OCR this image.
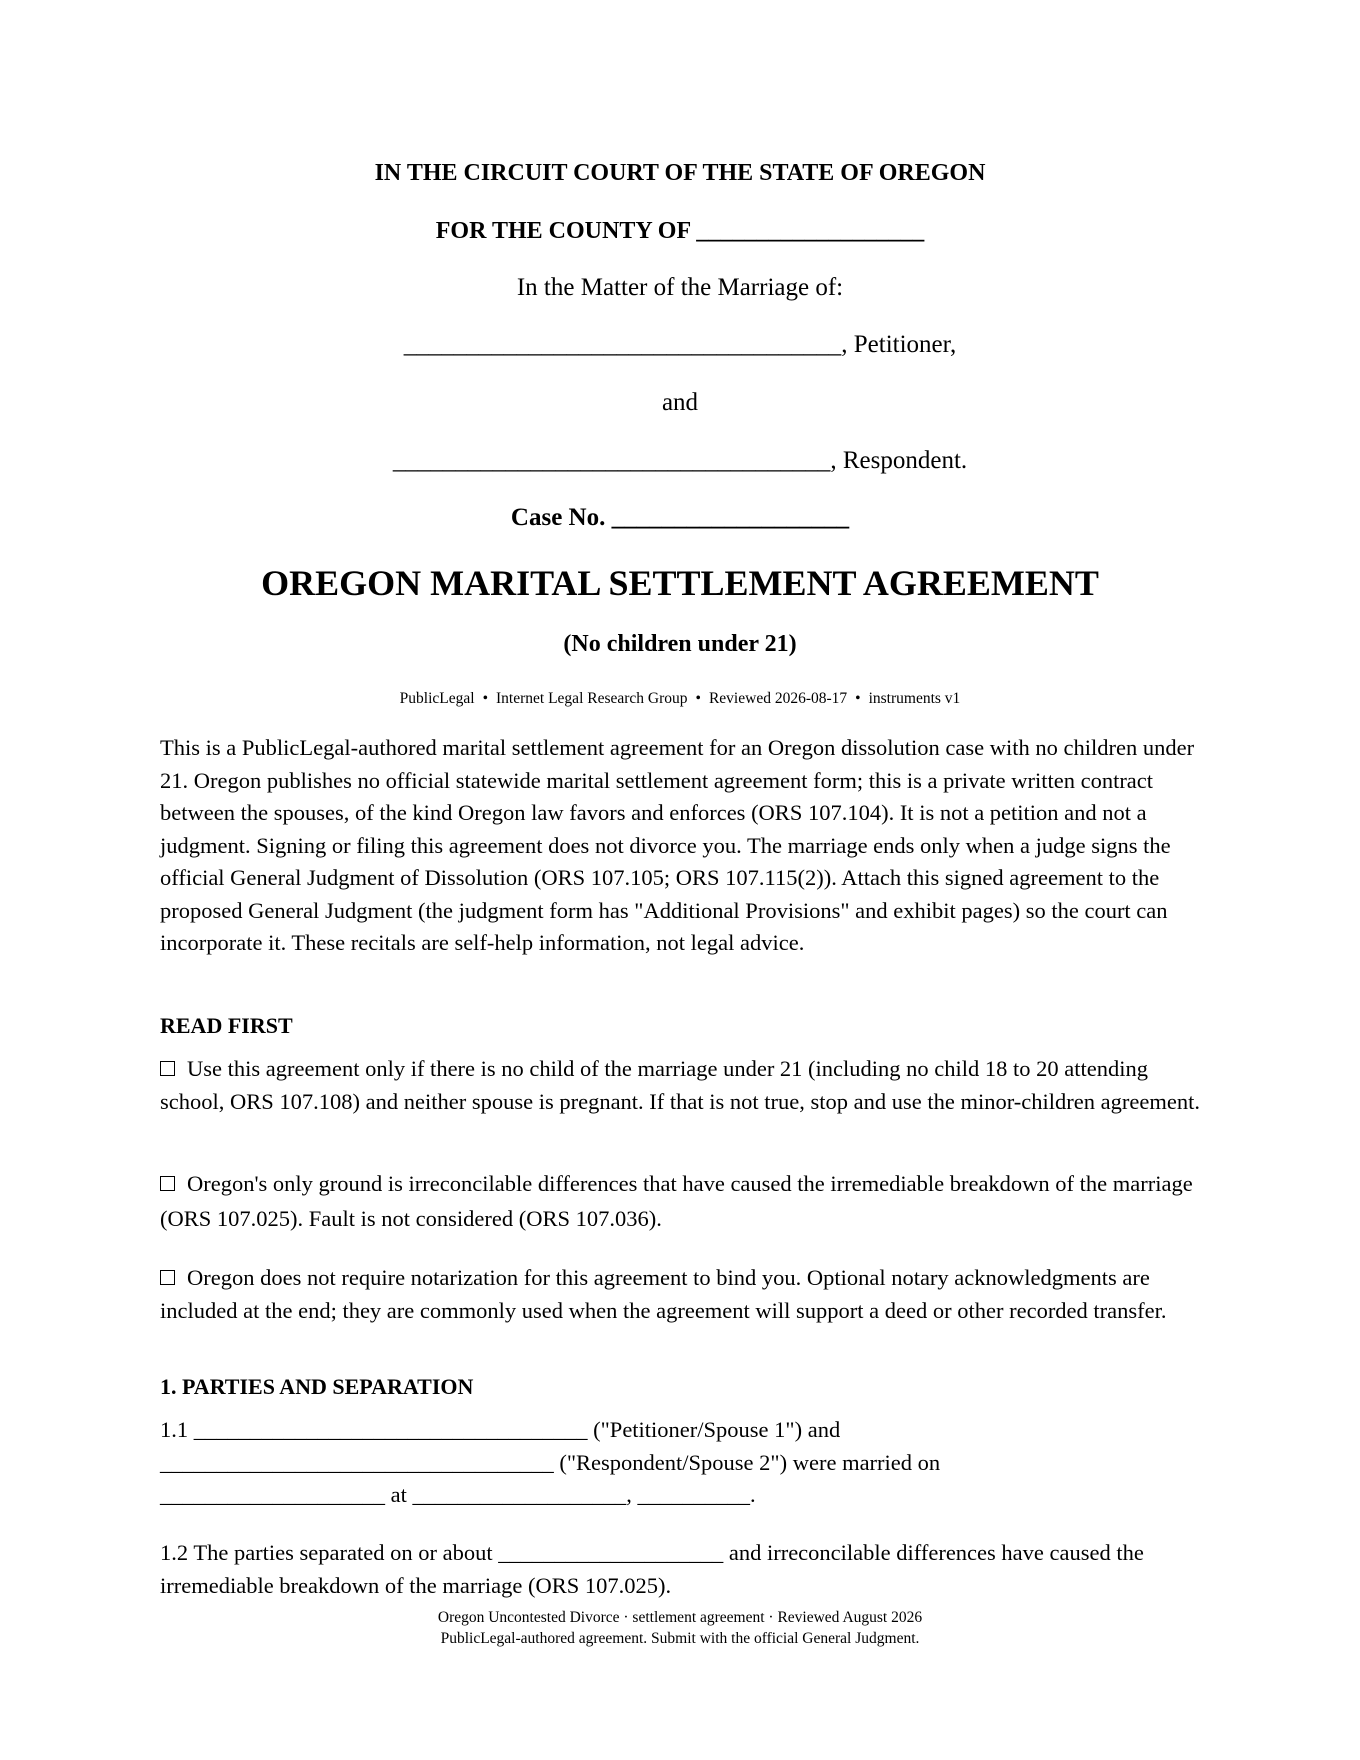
IN THE CIRCUIT COURT OF THE STATE OF OREGON
FOR THE COUNTY OF ___________________
In the Matter of the Marriage of:
___________________________________, Petitioner,
and
___________________________________, Respondent.
Case No. ___________________
OREGON MARITAL SETTLEMENT AGREEMENT
(No children under 21)
PublicLegal • Internet Legal Research Group • Reviewed 2026-08-17 • instruments v1
This is a PublicLegal-authored marital settlement agreement for an Oregon dissolution case with no children under 21. Oregon publishes no official statewide marital settlement agreement form; this is a private written contract between the spouses, of the kind Oregon law favors and enforces (ORS 107.104). It is not a petition and not a judgment. Signing or filing this agreement does not divorce you. The marriage ends only when a judge signs the official General Judgment of Dissolution (ORS 107.105; ORS 107.115(2)). Attach this signed agreement to the proposed General Judgment (the judgment form has "Additional Provisions" and exhibit pages) so the court can incorporate it. These recitals are self-help information, not legal advice.
READ FIRST
Use this agreement only if there is no child of the marriage under 21 (including no child 18 to 20 attending school, ORS 107.108) and neither spouse is pregnant. If that is not true, stop and use the minor-children agreement.
Oregon's only ground is irreconcilable differences that have caused the irremediable breakdown of the marriage (ORS 107.025). Fault is not considered (ORS 107.036).
Oregon does not require notarization for this agreement to bind you. Optional notary acknowledgments are included at the end; they are commonly used when the agreement will support a deed or other recorded transfer.
1. PARTIES AND SEPARATION
1.1 ___________________________________ ("Petitioner/Spouse 1") and
___________________________________ ("Respondent/Spouse 2") were married on
____________________ at ___________________, __________.
1.2 The parties separated on or about ____________________ and irreconcilable differences have caused the irremediable breakdown of the marriage (ORS 107.025).
Oregon Uncontested Divorce · settlement agreement · Reviewed August 2026
PublicLegal-authored agreement. Submit with the official General Judgment.
